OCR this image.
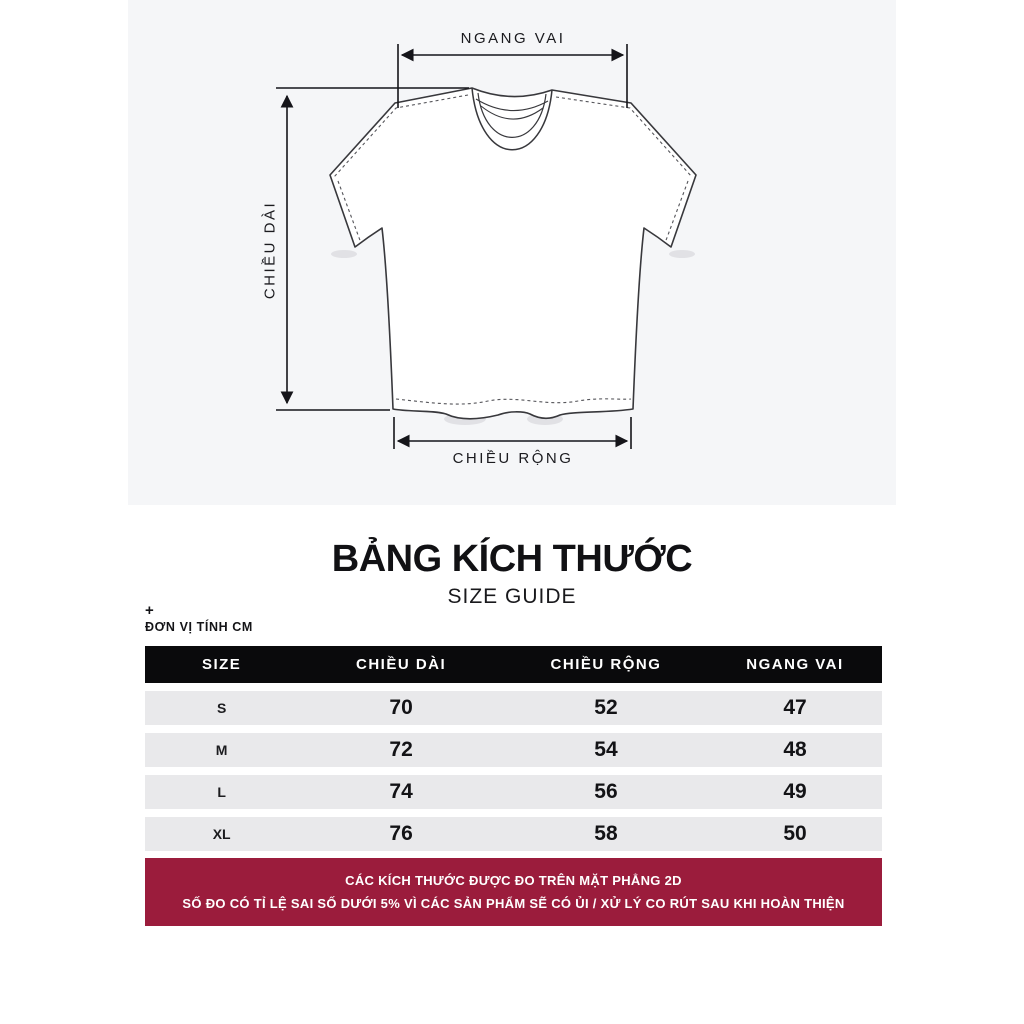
NGANG VAI
CHIỀU DÀI
CHIỀU RỘNG
BẢNG KÍCH THƯỚC
SIZE GUIDE
+
ĐƠN VỊ TÍNH CM
SIZE	CHIỀU DÀI	CHIỀU RỘNG	NGANG VAI
S	70	52	47
M	72	54	48
L	74	56	49
XL	76	58	50
CÁC KÍCH THƯỚC ĐƯỢC ĐO TRÊN MẶT PHẲNG 2D
SỐ ĐO CÓ TỈ LỆ SAI SỐ DƯỚI 5% VÌ CÁC SẢN PHẨM SẼ CÓ ỦI / XỬ LÝ CO RÚT SAU KHI HOÀN THIỆN
